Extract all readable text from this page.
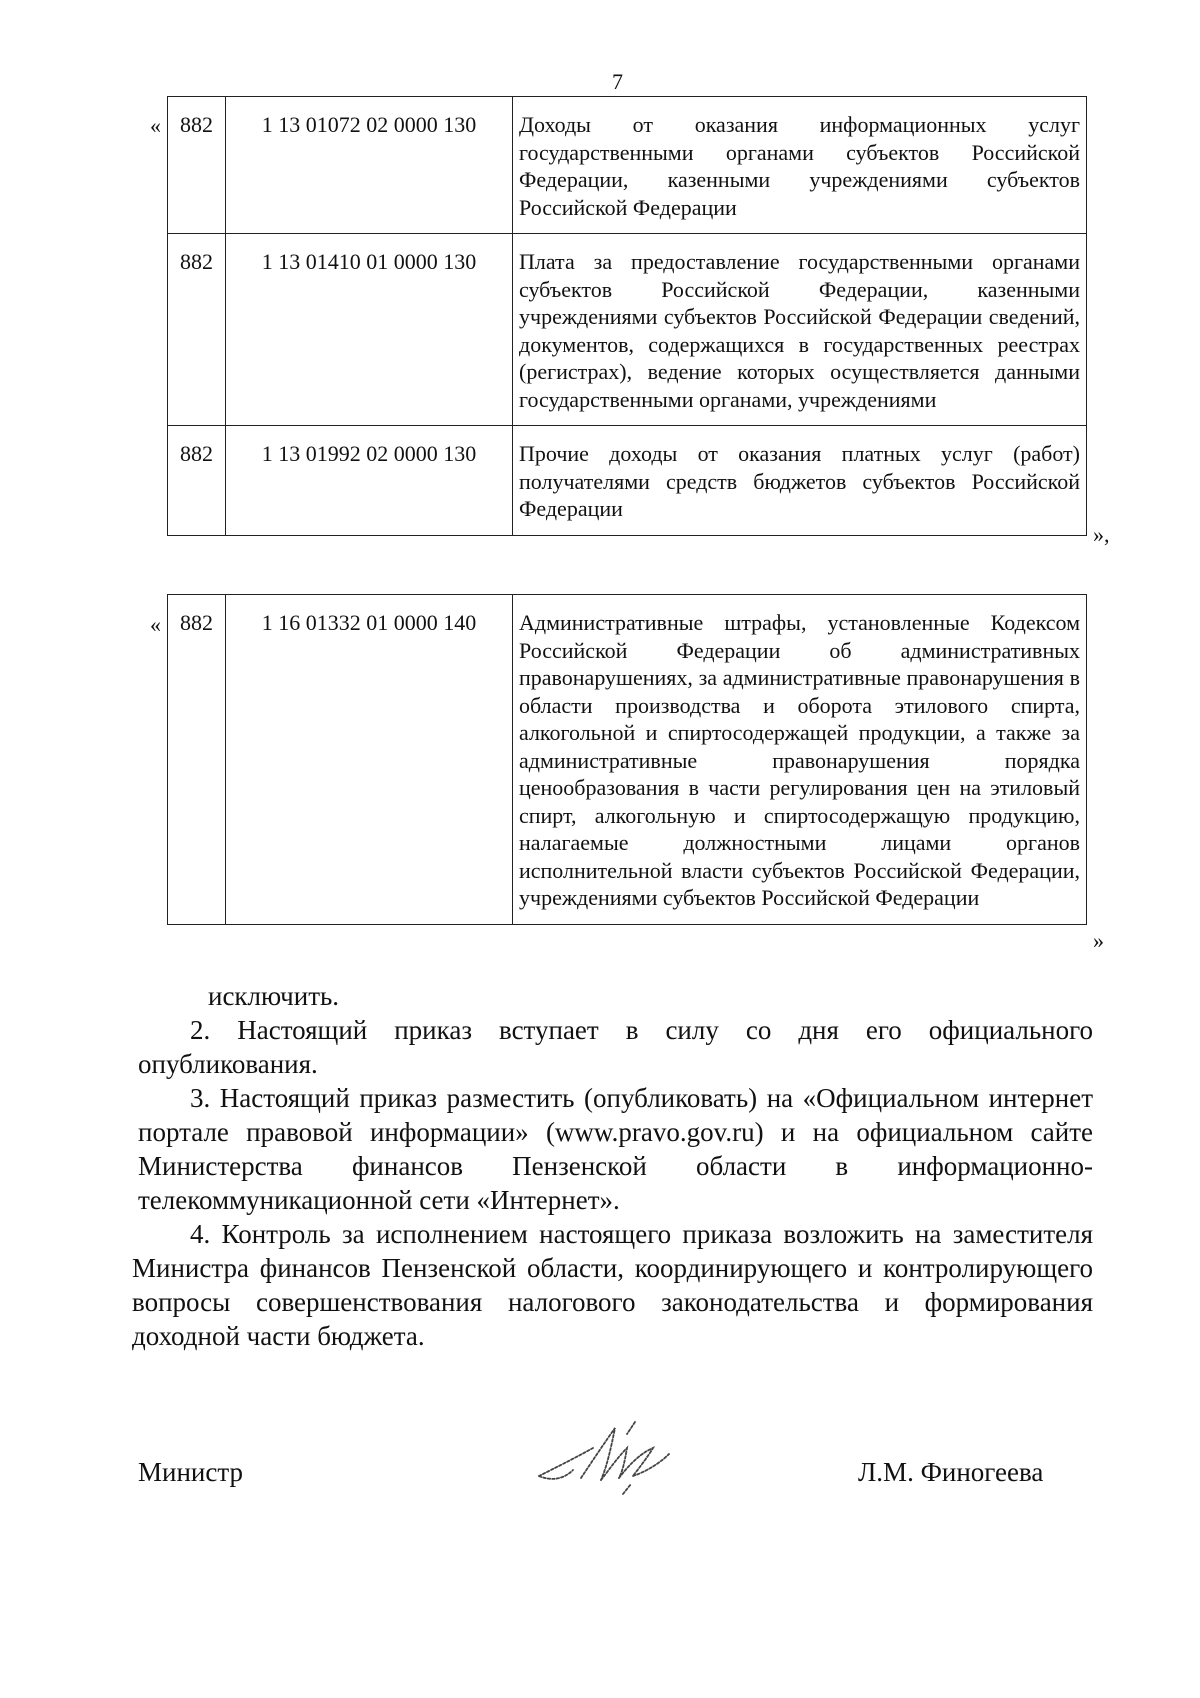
7
« 882	1 13 01072 02 0000 130	Доходы от оказания информационных услуг государственными органами субъектов Российской Федерации, казенными учреждениями субъектов Российской Федерации
882	1 13 01410 01 0000 130	Плата за предоставление государственными органами субъектов Российской Федерации, казенными учреждениями субъектов Российской Федерации сведений, документов, содержащихся в государственных реестрах (регистрах), ведение которых осуществляется данными государственными органами, учреждениями
882	1 13 01992 02 0000 130	Прочие доходы от оказания платных услуг (работ) получателями средств бюджетов субъектов Российской Федерации
»,
« 882	1 16 01332 01 0000 140	Административные штрафы, установленные Кодексом Российской Федерации об административных правонарушениях, за административные правонарушения в области производства и оборота этилового спирта, алкогольной и спиртосодержащей продукции, а также за административные правонарушения порядка ценообразования в части регулирования цен на этиловый спирт, алкогольную и спиртосодержащую продукцию, налагаемые должностными лицами органов исполнительной власти субъектов Российской Федерации, учреждениями субъектов Российской Федерации
»
исключить.
2. Настоящий приказ вступает в силу со дня его официального опубликования.
3. Настоящий приказ разместить (опубликовать) на «Официальном интернет портале правовой информации» (www.pravo.gov.ru) и на официальном сайте Министерства финансов Пензенской области в информационно-телекоммуникационной сети «Интернет».
4. Контроль за исполнением настоящего приказа возложить на заместителя Министра финансов Пензенской области, координирующего и контролирующего вопросы совершенствования налогового законодательства и формирования доходной части бюджета.
Министр	Л.М. Финогеева
